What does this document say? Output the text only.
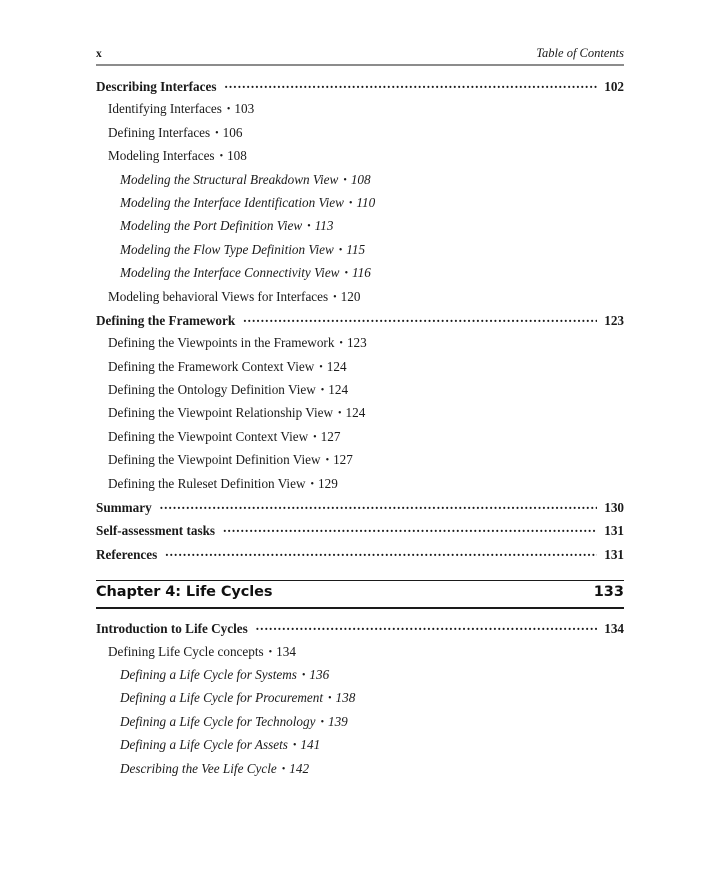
x	Table of Contents
Describing Interfaces .....	102
Identifying Interfaces • 103
Defining Interfaces • 106
Modeling Interfaces • 108
Modeling the Structural Breakdown View • 108
Modeling the Interface Identification View • 110
Modeling the Port Definition View • 113
Modeling the Flow Type Definition View • 115
Modeling the Interface Connectivity View • 116
Modeling behavioral Views for Interfaces • 120
Defining the Framework .....	123
Defining the Viewpoints in the Framework • 123
Defining the Framework Context View • 124
Defining the Ontology Definition View • 124
Defining the Viewpoint Relationship View • 124
Defining the Viewpoint Context View • 127
Defining the Viewpoint Definition View • 127
Defining the Ruleset Definition View • 129
Summary .....	130
Self-assessment tasks .....	131
References .....	131
Chapter 4: Life Cycles	133
Introduction to Life Cycles .....	134
Defining Life Cycle concepts • 134
Defining a Life Cycle for Systems • 136
Defining a Life Cycle for Procurement • 138
Defining a Life Cycle for Technology • 139
Defining a Life Cycle for Assets • 141
Describing the Vee Life Cycle • 142
